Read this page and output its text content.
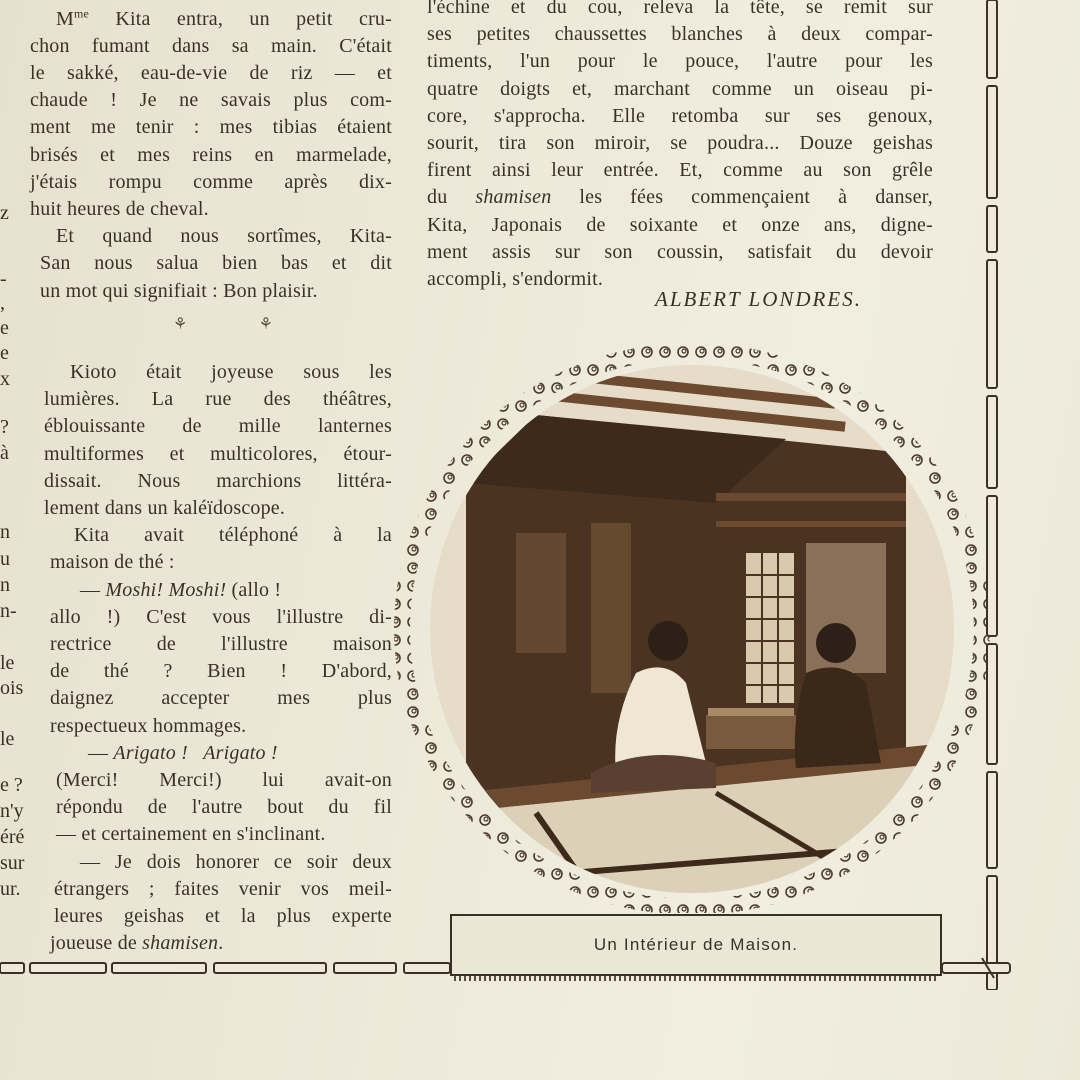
z
-
,
e
e
x
?
à
n
u
n
n-
le
ois
le
e ?
n'y
éré
sur
ur.
$M^{me}$ Kita entra, un petit cru-
chon fumant dans sa main. C'était
le sakké, eau-de-vie de riz — et
chaude ! Je ne savais plus com-
ment me tenir : mes tibias étaient
brisés et mes reins en marmelade,
j'étais rompu comme après dix-
huit heures de cheval.
Et quand nous sortîmes, Kita-
San nous salua bien bas et dit
un mot qui signifiait : Bon plaisir.
Kioto était joyeuse sous les
lumières. La rue des théâtres,
éblouissante de mille lanternes
multiformes et multicolores, étour-
dissait. Nous marchions littéra-
lement dans un kaléïdoscope.
Kita avait téléphoné à la
maison de thé :
— Moshi! Moshi! (allo !
allo !) C'est vous l'illustre di-
rectrice de l'illustre maison
de thé ? Bien ! D'abord,
daignez accepter mes plus
respectueux hommages.
— Arigato !   Arigato !
(Merci! Merci!) lui avait-on
répondu de l'autre bout du fil
— et certainement en s'inclinant.
— Je dois honorer ce soir deux
étrangers ; faites venir vos meil-
leures geishas et la plus experte
joueuse de shamisen.
⚘	⚘
l'échine et du cou, releva la tête, se remit sur
ses petites chaussettes blanches à deux compar-
timents, l'un pour le pouce, l'autre pour les
quatre doigts et, marchant comme un oiseau pi-
core, s'approcha. Elle retomba sur ses genoux,
sourit, tira son miroir, se poudra... Douze geishas
firent ainsi leur entrée. Et, comme au son grêle
du shamisen les fées commençaient à danser,
Kita, Japonais de soixante et onze ans, digne-
ment assis sur son coussin, satisfait du devoir
accompli, s'endormit.
ALBERT LONDRES.
Un Intérieur de Maison.
